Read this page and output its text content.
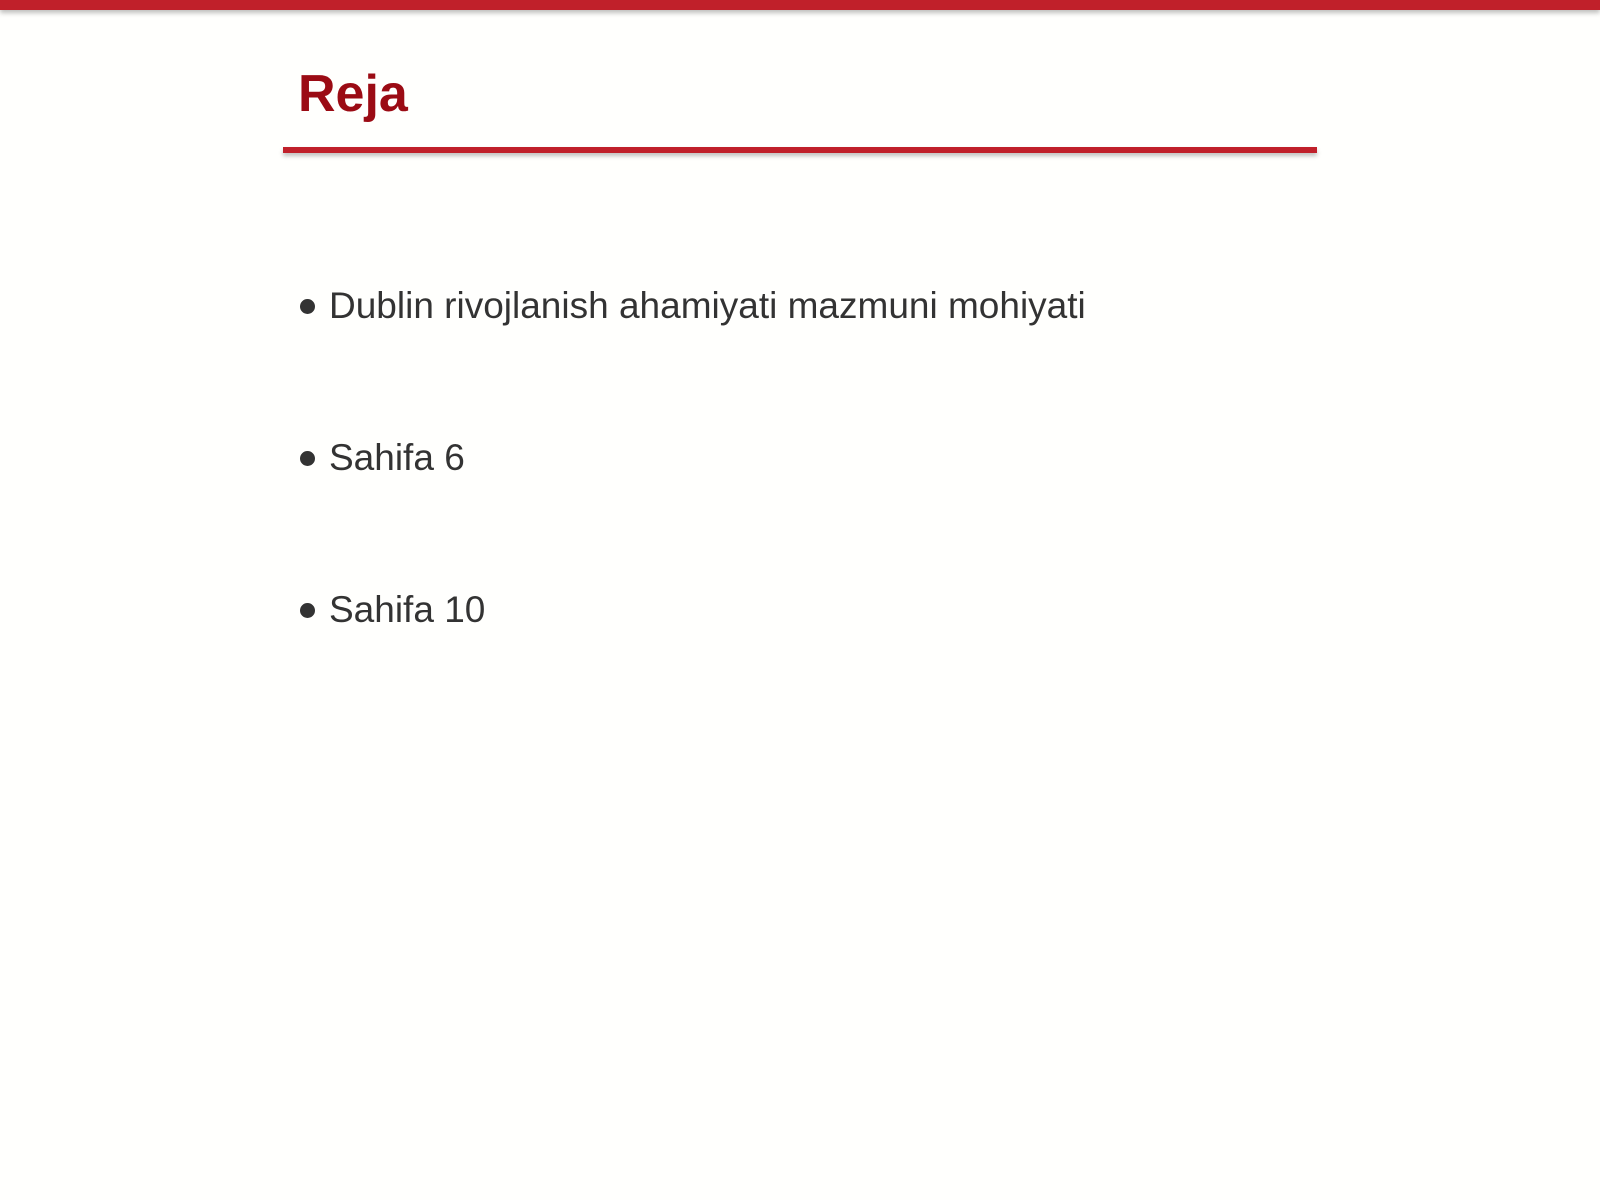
Reja
Dublin rivojlanish ahamiyati mazmuni mohiyati
Sahifa 6
Sahifa 10
